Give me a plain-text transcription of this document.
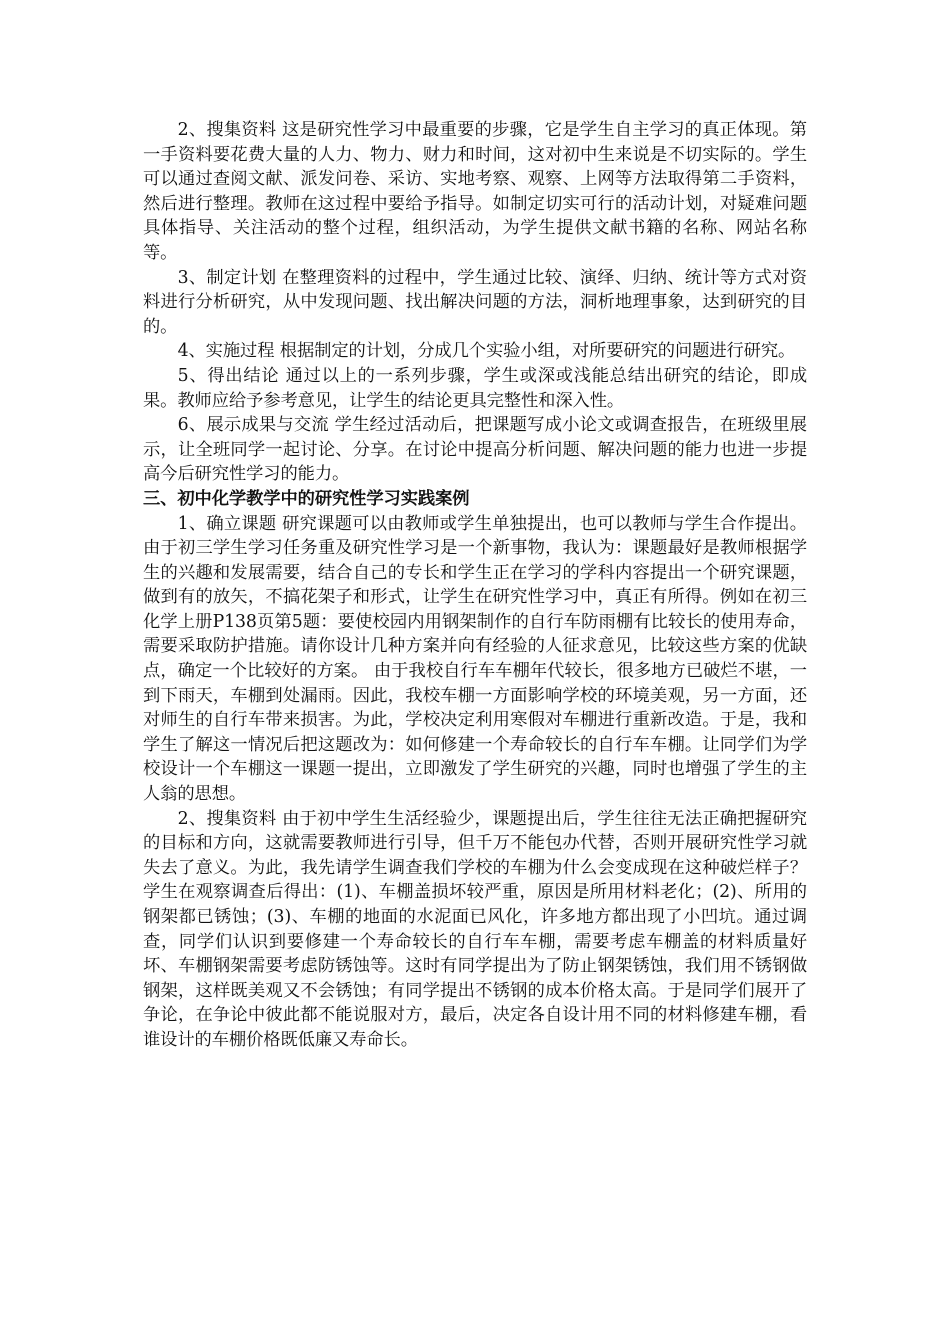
2、搜集资料 这是研究性学习中最重要的步骤，它是学生自主学习的真正体现。第一手资料要花费大量的人力、物力、财力和时间，这对初中生来说是不切实际的。学生可以通过查阅文献、派发问卷、采访、实地考察、观察、上网等方法取得第二手资料，然后进行整理。教师在这过程中要给予指导。如制定切实可行的活动计划，对疑难问题具体指导、关注活动的整个过程，组织活动，为学生提供文献书籍的名称、网站名称等。

3、制定计划 在整理资料的过程中，学生通过比较、演绎、归纳、统计等方式对资料进行分析研究，从中发现问题、找出解决问题的方法，洞析地理事象，达到研究的目的。

4、实施过程 根据制定的计划，分成几个实验小组，对所要研究的问题进行研究。

5、得出结论 通过以上的一系列步骤，学生或深或浅能总结出研究的结论，即成果。教师应给予参考意见，让学生的结论更具完整性和深入性。

6、展示成果与交流 学生经过活动后，把课题写成小论文或调查报告，在班级里展示，让全班同学一起讨论、分享。在讨论中提高分析问题、解决问题的能力也进一步提高今后研究性学习的能力。

三、初中化学教学中的研究性学习实践案例

1、确立课题 研究课题可以由教师或学生单独提出，也可以教师与学生合作提出。由于初三学生学习任务重及研究性学习是一个新事物，我认为：课题最好是教师根据学生的兴趣和发展需要，结合自己的专长和学生正在学习的学科内容提出一个研究课题，做到有的放矢，不搞花架子和形式，让学生在研究性学习中，真正有所得。例如在初三化学上册P138页第5题：要使校园内用钢架制作的自行车防雨棚有比较长的使用寿命，需要采取防护措施。请你设计几种方案并向有经验的人征求意见，比较这些方案的优缺点，确定一个比较好的方案。 由于我校自行车车棚年代较长，很多地方已破烂不堪，一到下雨天，车棚到处漏雨。因此，我校车棚一方面影响学校的环境美观，另一方面，还对师生的自行车带来损害。为此，学校决定利用寒假对车棚进行重新改造。于是，我和学生了解这一情况后把这题改为：如何修建一个寿命较长的自行车车棚。让同学们为学校设计一个车棚这一课题一提出，立即激发了学生研究的兴趣，同时也增强了学生的主人翁的思想。

2、搜集资料 由于初中学生生活经验少，课题提出后，学生往往无法正确把握研究的目标和方向，这就需要教师进行引导，但千万不能包办代替，否则开展研究性学习就失去了意义。为此，我先请学生调查我们学校的车棚为什么会变成现在这种破烂样子？学生在观察调查后得出：(1)、车棚盖损坏较严重，原因是所用材料老化；(2)、所用的钢架都已锈蚀；(3)、车棚的地面的水泥面已风化，许多地方都出现了小凹坑。通过调查，同学们认识到要修建一个寿命较长的自行车车棚，需要考虑车棚盖的材料质量好坏、车棚钢架需要考虑防锈蚀等。这时有同学提出为了防止钢架锈蚀，我们用不锈钢做钢架，这样既美观又不会锈蚀；有同学提出不锈钢的成本价格太高。于是同学们展开了争论，在争论中彼此都不能说服对方，最后，决定各自设计用不同的材料修建车棚，看谁设计的车棚价格既低廉又寿命长。
